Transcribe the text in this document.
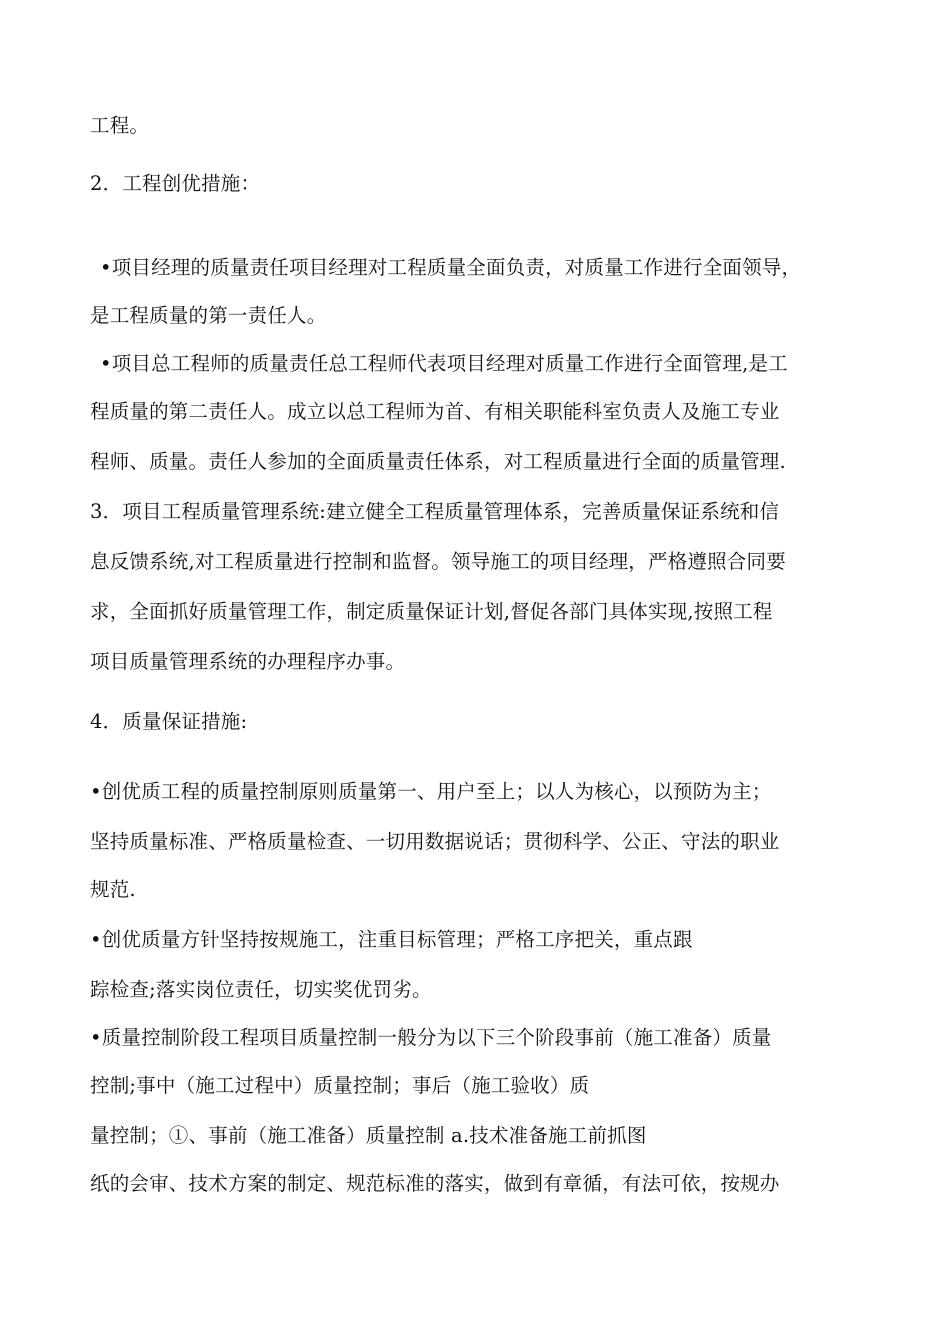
工程。
2．工程创优措施：
•项目经理的质量责任项目经理对工程质量全面负责，对质量工作进行全面领导，
是工程质量的第一责任人。
•项目总工程师的质量责任总工程师代表项目经理对质量工作进行全面管理,是工
程质量的第二责任人。成立以总工程师为首、有相关职能科室负责人及施工专业
程师、质量。责任人参加的全面质量责任体系，对工程质量进行全面的质量管理.
3．项目工程质量管理系统:建立健全工程质量管理体系，完善质量保证系统和信
息反馈系统,对工程质量进行控制和监督。领导施工的项目经理，严格遵照合同要
求，全面抓好质量管理工作，制定质量保证计划,督促各部门具体实现,按照工程
项目质量管理系统的办理程序办事。
4．质量保证措施:
•创优质工程的质量控制原则质量第一、用户至上；以人为核心，以预防为主；
坚持质量标准、严格质量检查、一切用数据说话；贯彻科学、公正、守法的职业
规范.
•创优质量方针坚持按规施工，注重目标管理；严格工序把关，重点跟
踪检查;落实岗位责任，切实奖优罚劣。
•质量控制阶段工程项目质量控制一般分为以下三个阶段事前（施工准备）质量
控制;事中（施工过程中）质量控制；事后（施工验收）质
量控制；①、事前（施工准备）质量控制 a.技术准备施工前抓图
纸的会审、技术方案的制定、规范标准的落实，做到有章循，有法可依，按规办
